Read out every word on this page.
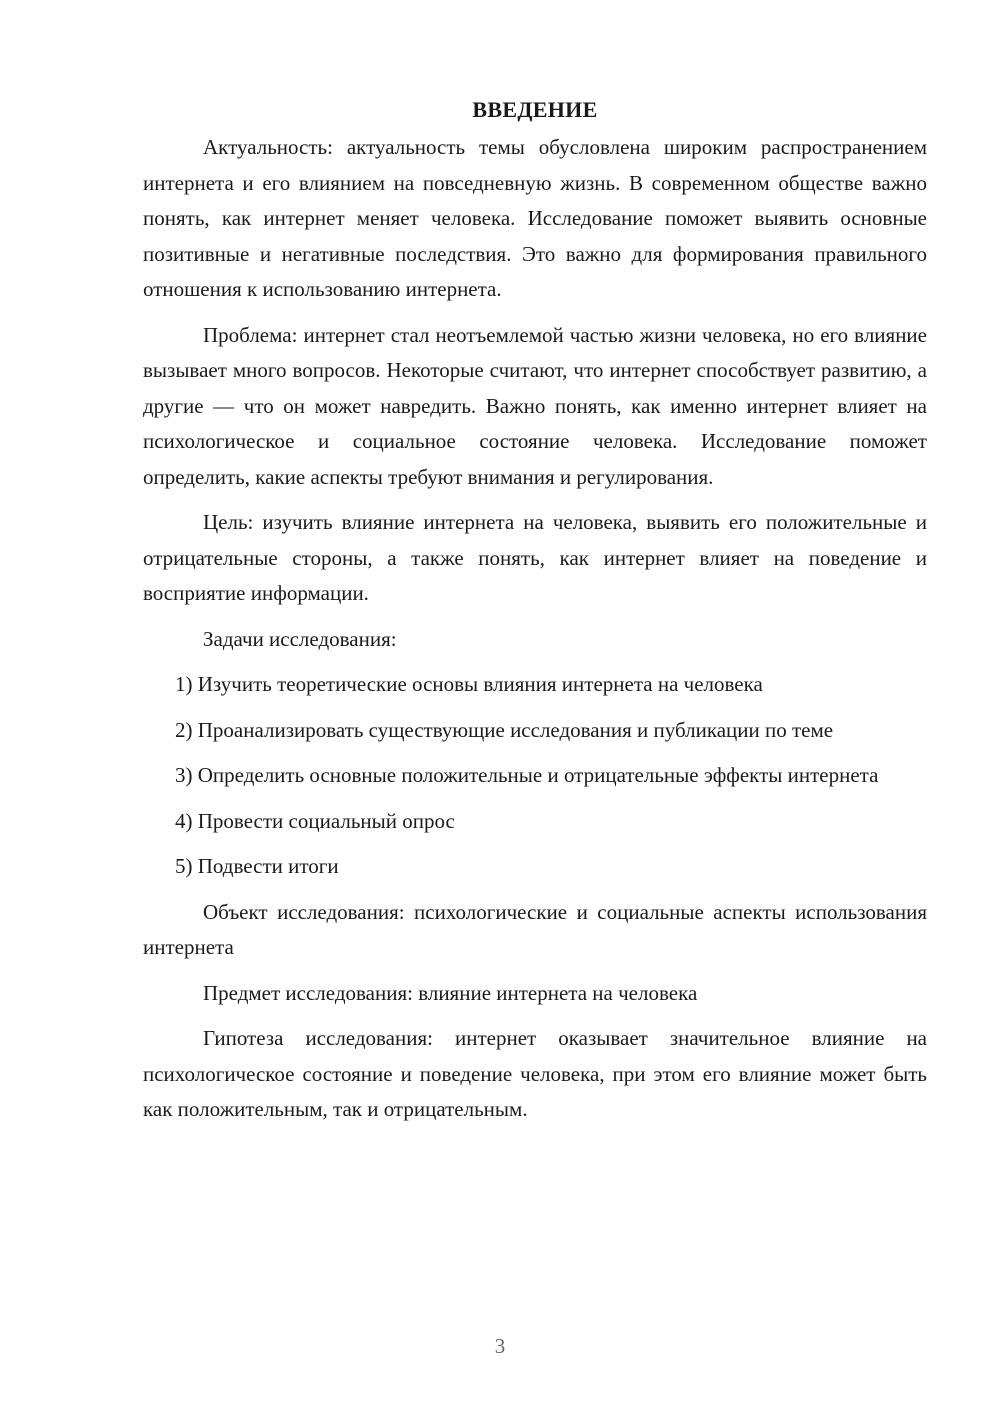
ВВЕДЕНИЕ

Актуальность: актуальность темы обусловлена широким распространением интернета и его влиянием на повседневную жизнь. В современном обществе важно понять, как интернет меняет человека. Исследование поможет выявить основные позитивные и негативные последствия. Это важно для формирования правильного отношения к использованию интернета.

Проблема: интернет стал неотъемлемой частью жизни человека, но его влияние вызывает много вопросов. Некоторые считают, что интернет способствует развитию, а другие — что он может навредить. Важно понять, как именно интернет влияет на психологическое и социальное состояние человека. Исследование поможет определить, какие аспекты требуют внимания и регулирования.

Цель: изучить влияние интернета на человека, выявить его положительные и отрицательные стороны, а также понять, как интернет влияет на поведение и восприятие информации.

Задачи исследования:

1) Изучить теоретические основы влияния интернета на человека

2) Проанализировать существующие исследования и публикации по теме

3) Определить основные положительные и отрицательные эффекты интернета

4) Провести социальный опрос

5) Подвести итоги

Объект исследования: психологические и социальные аспекты использования интернета

Предмет исследования: влияние интернета на человека

Гипотеза исследования: интернет оказывает значительное влияние на психологическое состояние и поведение человека, при этом его влияние может быть как положительным, так и отрицательным.

3
